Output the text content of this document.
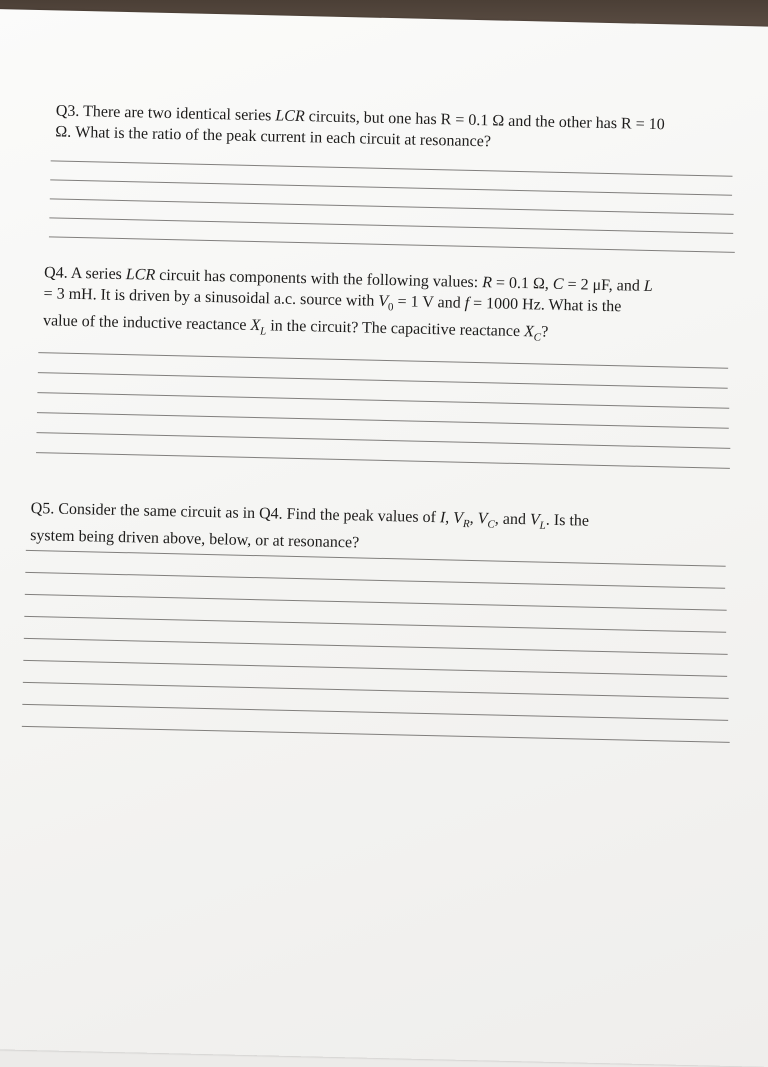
Q3. There are two identical series LCR circuits, but one has R = 0.1 Ω and the other has R = 10
Ω. What is the ratio of the peak current in each circuit at resonance?
Q4. A series LCR circuit has components with the following values: R = 0.1 Ω, C = 2 μF, and L
= 3 mH. It is driven by a sinusoidal a.c. source with $V_0 = 1$ V and f = 1000 Hz. What is the
value of the inductive reactance $X_L$ in the circuit? The capacitive reactance $X_C$?
Q5. Consider the same circuit as in Q4. Find the peak values of I, $V_R$, $V_C$, and $V_L$. Is the
system being driven above, below, or at resonance?
